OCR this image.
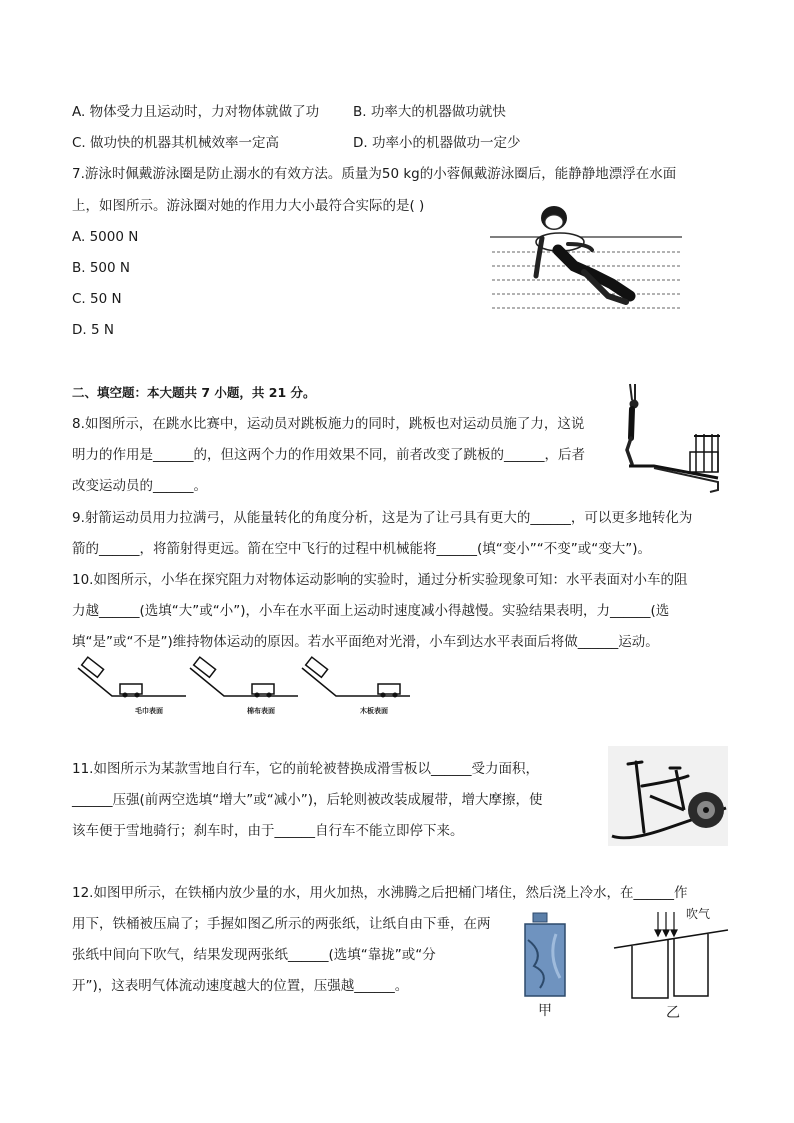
A. 物体受力且运动时，力对物体就做了功	B. 功率大的机器做功就快
C. 做功快的机器其机械效率一定高	D. 功率小的机器做功一定少
7.游泳时佩戴游泳圈是防止溺水的有效方法。质量为50 kg的小蓉佩戴游泳圈后，能静静地漂浮在水面
上，如图所示。游泳圈对她的作用力大小最符合实际的是( )
A. 5000 N
B. 500 N
C. 50 N
D. 5 N
二、填空题：本大题共 7 小题，共 21 分。
8.如图所示，在跳水比赛中，运动员对跳板施力的同时，跳板也对运动员施了力，这说
明力的作用是______的，但这两个力的作用效果不同，前者改变了跳板的______，后者
改变运动员的______。
9.射箭运动员用力拉满弓，从能量转化的角度分析，这是为了让弓具有更大的______，可以更多地转化为
箭的______，将箭射得更远。箭在空中飞行的过程中机械能将______(填“变小”“不变”或“变大”)。
10.如图所示，小华在探究阻力对物体运动影响的实验时，通过分析实验现象可知：水平表面对小车的阻
力越______(选填“大”或“小”)，小车在水平面上运动时速度减小得越慢。实验结果表明，力______(选
填“是”或“不是”)维持物体运动的原因。若水平面绝对光滑，小车到达水平表面后将做______运动。
毛巾表面	棉布表面	木板表面
11.如图所示为某款雪地自行车，它的前轮被替换成滑雪板以______受力面积，
______压强(前两空选填“增大”或“减小”)，后轮则被改装成履带，增大摩擦，使
该车便于雪地骑行；刹车时，由于______自行车不能立即停下来。
12.如图甲所示，在铁桶内放少量的水，用火加热，水沸腾之后把桶门堵住，然后浇上冷水，在______作
用下，铁桶被压扁了；手握如图乙所示的两张纸，让纸自由下垂，在两
张纸中间向下吹气，结果发现两张纸______(选填“靠拢”或“分
开”)，这表明气体流动速度越大的位置，压强越______。
甲
吹气
乙
